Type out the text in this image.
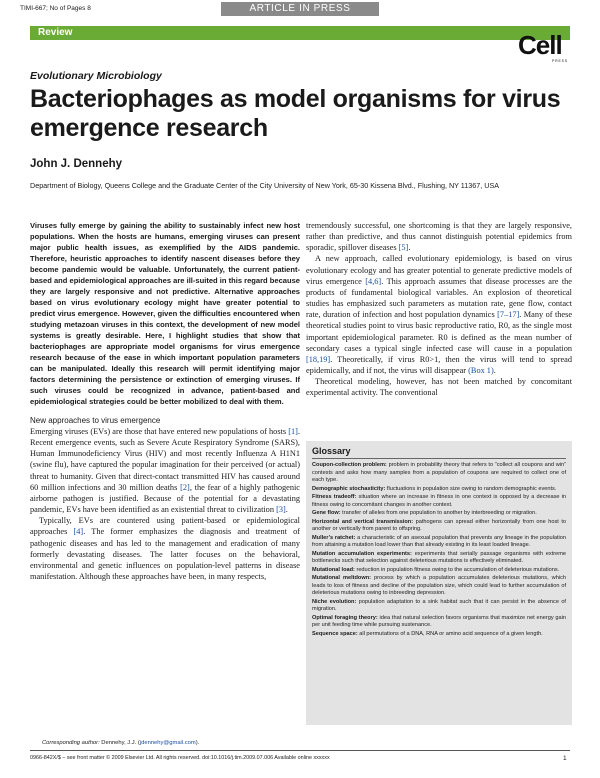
TIMI-667; No of Pages 8	ARTICLE IN PRESS
Review	Cell
PRESS
Evolutionary Microbiology
Bacteriophages as model organisms for virus emergence research
John J. Dennehy
Department of Biology, Queens College and the Graduate Center of the City University of New York, 65-30 Kissena Blvd., Flushing, NY 11367, USA

Viruses fully emerge by gaining the ability to sustainably infect new host populations. When the hosts are humans, emerging viruses can present major public health issues, as exemplified by the AIDS pandemic. Therefore, heuristic approaches to identify nascent diseases before they become pandemic would be valuable. Unfortunately, the current patient-based and epidemiological approaches are ill-suited in this regard because they are largely responsive and not predictive. Alternative approaches based on virus evolutionary ecology might have greater potential to predict virus emergence. However, given the difficulties encountered when studying metazoan viruses in this context, the development of new model systems is greatly desirable. Here, I highlight studies that show that bacteriophages are appropriate model organisms for virus emergence research because of the ease in which important population parameters can be manipulated. Ideally this research will permit identifying major factors determining the persistence or extinction of emerging viruses. If such viruses could be recognized in advance, patient-based and epidemiological strategies could be better mobilized to deal with them.

New approaches to virus emergence

Emerging viruses (EVs) are those that have entered new populations of hosts [1]. Recent emergence events, such as Severe Acute Respiratory Syndrome (SARS), Human Immunodeficiency Virus (HIV) and most recently Influenza A H1N1 (swine flu), have captured the popular imagination for their perceived (or actual) threat to humanity. Given that direct-contact transmitted HIV has caused around 60 million infections and 30 million deaths [2], the fear of a highly pathogenic airborne pathogen is justified. Because of the potential for a devastating pandemic, EVs have been identified as an existential threat to civilization [3].

Typically, EVs are countered using patient-based or epidemiological approaches [4]. The former emphasizes the diagnosis and treatment of pathogenic diseases and has led to the management and eradication of many formerly devastating diseases. The latter focuses on the behavioral, environmental and genetic influences on population-level patterns in disease manifestation. Although these approaches have been, in many respects,

tremendously successful, one shortcoming is that they are largely responsive, rather than predictive, and thus cannot distinguish potential epidemics from sporadic, spillover diseases [5].

A new approach, called evolutionary epidemiology, is based on virus evolutionary ecology and has greater potential to generate predictive models of virus emergence [4,6]. This approach assumes that disease processes are the products of fundamental biological variables. An explosion of theoretical studies has emphasized such parameters as mutation rate, gene flow, contact rate, duration of infection and host population dynamics [7–17]. Many of these theoretical studies point to virus basic reproductive ratio, R0, as the single most important epidemiological parameter. R0 is defined as the mean number of secondary cases a typical single infected case will cause in a population [18,19]. Theoretically, if virus R0>1, then the virus will tend to spread epidemically, and if not, the virus will disappear (Box 1).

Theoretical modeling, however, has not been matched by concomitant experimental activity. The conventional

Glossary

Coupon-collection problem: problem in probability theory that refers to “collect all coupons and win” contests and asks how many samples from a population of coupons are required to collect one of each type.

Demographic stochasticity: fluctuations in population size owing to random demographic events.

Fitness tradeoff: situation where an increase in fitness in one context is opposed by a decrease in fitness owing to concomitant changes in another context.

Gene flow: transfer of alleles from one population to another by interbreeding or migration.

Horizontal and vertical transmission: pathogens can spread either horizontally from one host to another or vertically from parent to offspring.

Muller’s ratchet: a characteristic of an asexual population that prevents any lineage in the population from attaining a mutation load lower than that already existing in its least loaded lineage.

Mutation accumulation experiments: experiments that serially passage organisms with extreme bottlenecks such that selection against deleterious mutations is effectively eliminated.

Mutational load: reduction in population fitness owing to the accumulation of deleterious mutations.

Mutational meltdown: process by which a population accumulates deleterious mutations, which leads to loss of fitness and decline of the population size, which could lead to further accumulation of deleterious mutations owing to inbreeding depression.

Niche evolution: population adaptation to a sink habitat such that it can persist in the absence of migration.

Optimal foraging theory: idea that natural selection favors organisms that maximize net energy gain per unit feeding time while pursuing sustenance.

Sequence space: all permutations of a DNA, RNA or amino acid sequence of a given length.

Corresponding author: Dennehy, J.J. (jdennehy@gmail.com).
0966-842X/$ – see front matter © 2009 Elsevier Ltd. All rights reserved. doi:10.1016/j.tim.2009.07.006 Available online xxxxxx	1
